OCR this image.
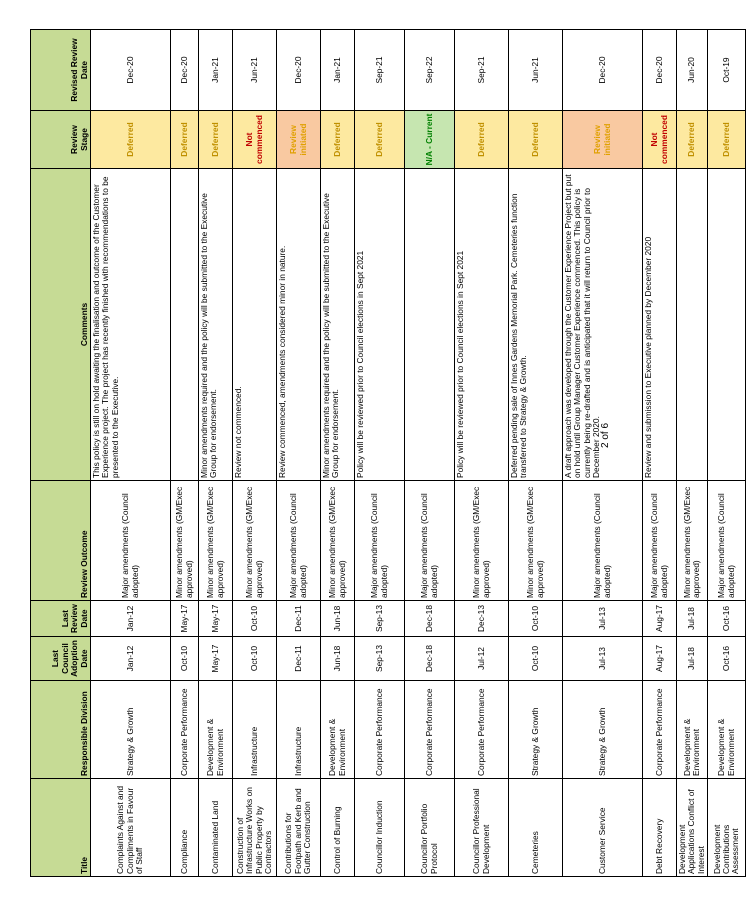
Title	Responsible Division	Last Council Adoption Date	Last Review Date	Review Outcome	Comments	Review Stage	Revised Review Date
Complaints Against and Compliments in Favour of Staff	Strategy & Growth	Jan-12	Jan-12	Major amendments (Council adopted)	This policy is still on hold awaiting the finalisation and outcome of the Customer Experience project. The project has recently finished with recommendations to be presented to the Executive.	Deferred	Dec-20
Compliance	Corporate Performance	Oct-10	May-17	Minor amendments (GM/Exec approved)		Deferred	Dec-20
Contaminated Land	Development & Environment	May-17	May-17	Minor amendments (GM/Exec approved)	Minor amendments required and the policy will be submitted to the Executive Group for endorsement.	Deferred	Jan-21
Construction of Infrastructure Works on Public Property by Contractors	Infrastructure	Oct-10	Oct-10	Minor amendments (GM/Exec approved)	Review not commenced.	Not commenced	Jun-21
Contributions for Footpath and Kerb and Gutter Construction	Infrastructure	Dec-11	Dec-11	Major amendments (Council adopted)	Review commenced, amendments considered minor in nature.	Review initiated	Dec-20
Control of Burning	Development & Environment	Jun-18	Jun-18	Minor amendments (GM/Exec approved)	Minor amendments required and the policy will be submitted to the Executive Group for endorsement.	Deferred	Jan-21
Councillor Induction	Corporate Performance	Sep-13	Sep-13	Major amendments (Council adopted)	Policy will be reviewed prior to Council elections in Sept 2021	Deferred	Sep-21
Councillor Portfolio Protocol	Corporate Performance	Dec-18	Dec-18	Major amendments (Council adopted)		N/A - Current	Sep-22
Councillor Professional Development	Corporate Performance	Jul-12	Dec-13	Minor amendments (GM/Exec approved)	Policy will be reviewed prior to Council elections in Sept 2021	Deferred	Sep-21
Cemeteries	Strategy & Growth	Oct-10	Oct-10	Minor amendments (GM/Exec approved)	Deferred pending sale of Innes Gardens Memorial Park. Cemeteries function transferred to Strategy & Growth.	Deferred	Jun-21
Customer Service	Strategy & Growth	Jul-13	Jul-13	Major amendments (Council adopted)	A draft approach was developed through the Customer Experience Project but put on hold until Group Manager Customer Experience commenced. This policy is currently being re-drafted and is anticipated that it will return to Council prior to December 2020.	Review initiated	Dec-20
Debt Recovery	Corporate Performance	Aug-17	Aug-17	Major amendments (Council adopted)	Review and submission to Executive planned by December 2020	Not commenced	Dec-20
Development Applications Conflict of Interest	Development & Environment	Jul-18	Jul-18	Minor amendments (GM/Exec approved)		Deferred	Jun-20
Development Contributions Assessment	Development & Environment	Oct-16	Oct-16	Major amendments (Council adopted)		Deferred	Oct-19
2 of 6
